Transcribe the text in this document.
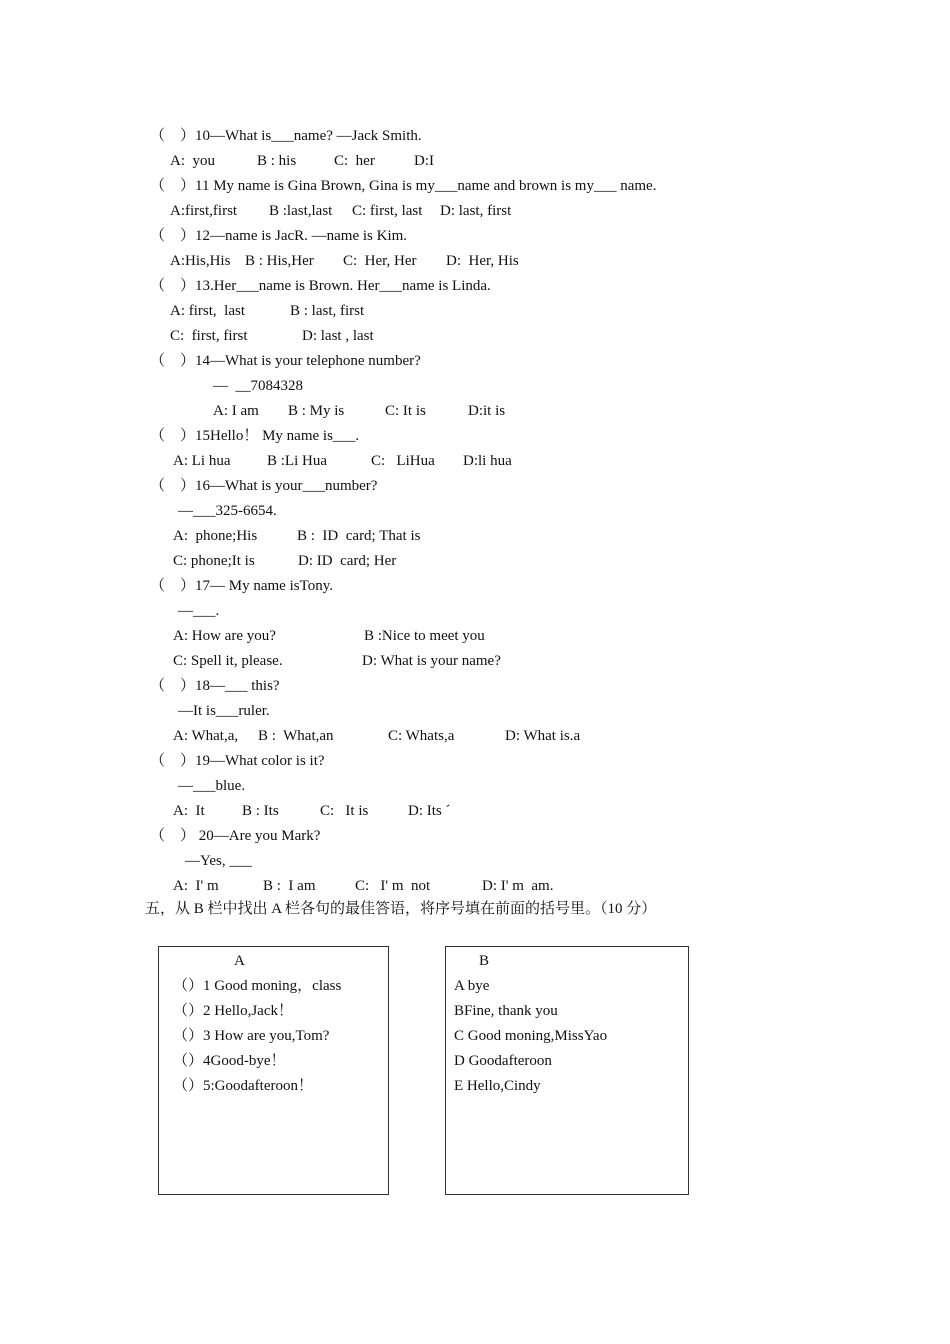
（　）10—What is___name? —Jack Smith.
A:  you	B : his	C:  her	D:I
（　）11 My name is Gina Brown, Gina is my___name and brown is my___ name.
A:first,first B :last,last C: first, last D: last, first
（　）12—name is JacR. —name is Kim.
A:His,His B : His,Her C:  Her, Her D:  Her, His
（　）13.Her___name is Brown. Her___name is Linda.
A: first,  last	B : last, first
C:  first, first	D: last , last
（　）14—What is your telephone number?
—  __7084328
A: I am B : My is	C: It is	D:it is
（　）15Hello！ My name is___.
A: Li hua B :Li Hua	C:   LiHua D:li hua
（　）16—What is your___number?
—___325-6654.
A:  phone;His	B :  ID  card; That is
C: phone;It is	D: ID  card; Her
（　）17— My name isTony.
—___.
A: How are you?	B :Nice to meet you
C: Spell it, please.	D: What is your name?
（　）18—___ this?
—It is___ruler.
A: What,a, B :  What,an	C: Whats,a	D: What is.a
（　）19—What color is it?
—___blue.
A:  It B : Its	C:   It is	D: Its ˊ
（　） 20—Are you Mark?
—Yes, ___
A:  I' m	B :  I am	C:   I' m  not	D: I' m  am.
五，从 B 栏中找出 A 栏各句的最佳答语，将序号填在前面的括号里。（10 分）
A
（）1 Good moning，class
（）2 Hello,Jack！
（）3 How are you,Tom?
（）4Good-bye！
（）5:Goodafteroon！
B
A bye
BFine, thank you
C Good moning,MissYao
D Goodafteroon
E Hello,Cindy
